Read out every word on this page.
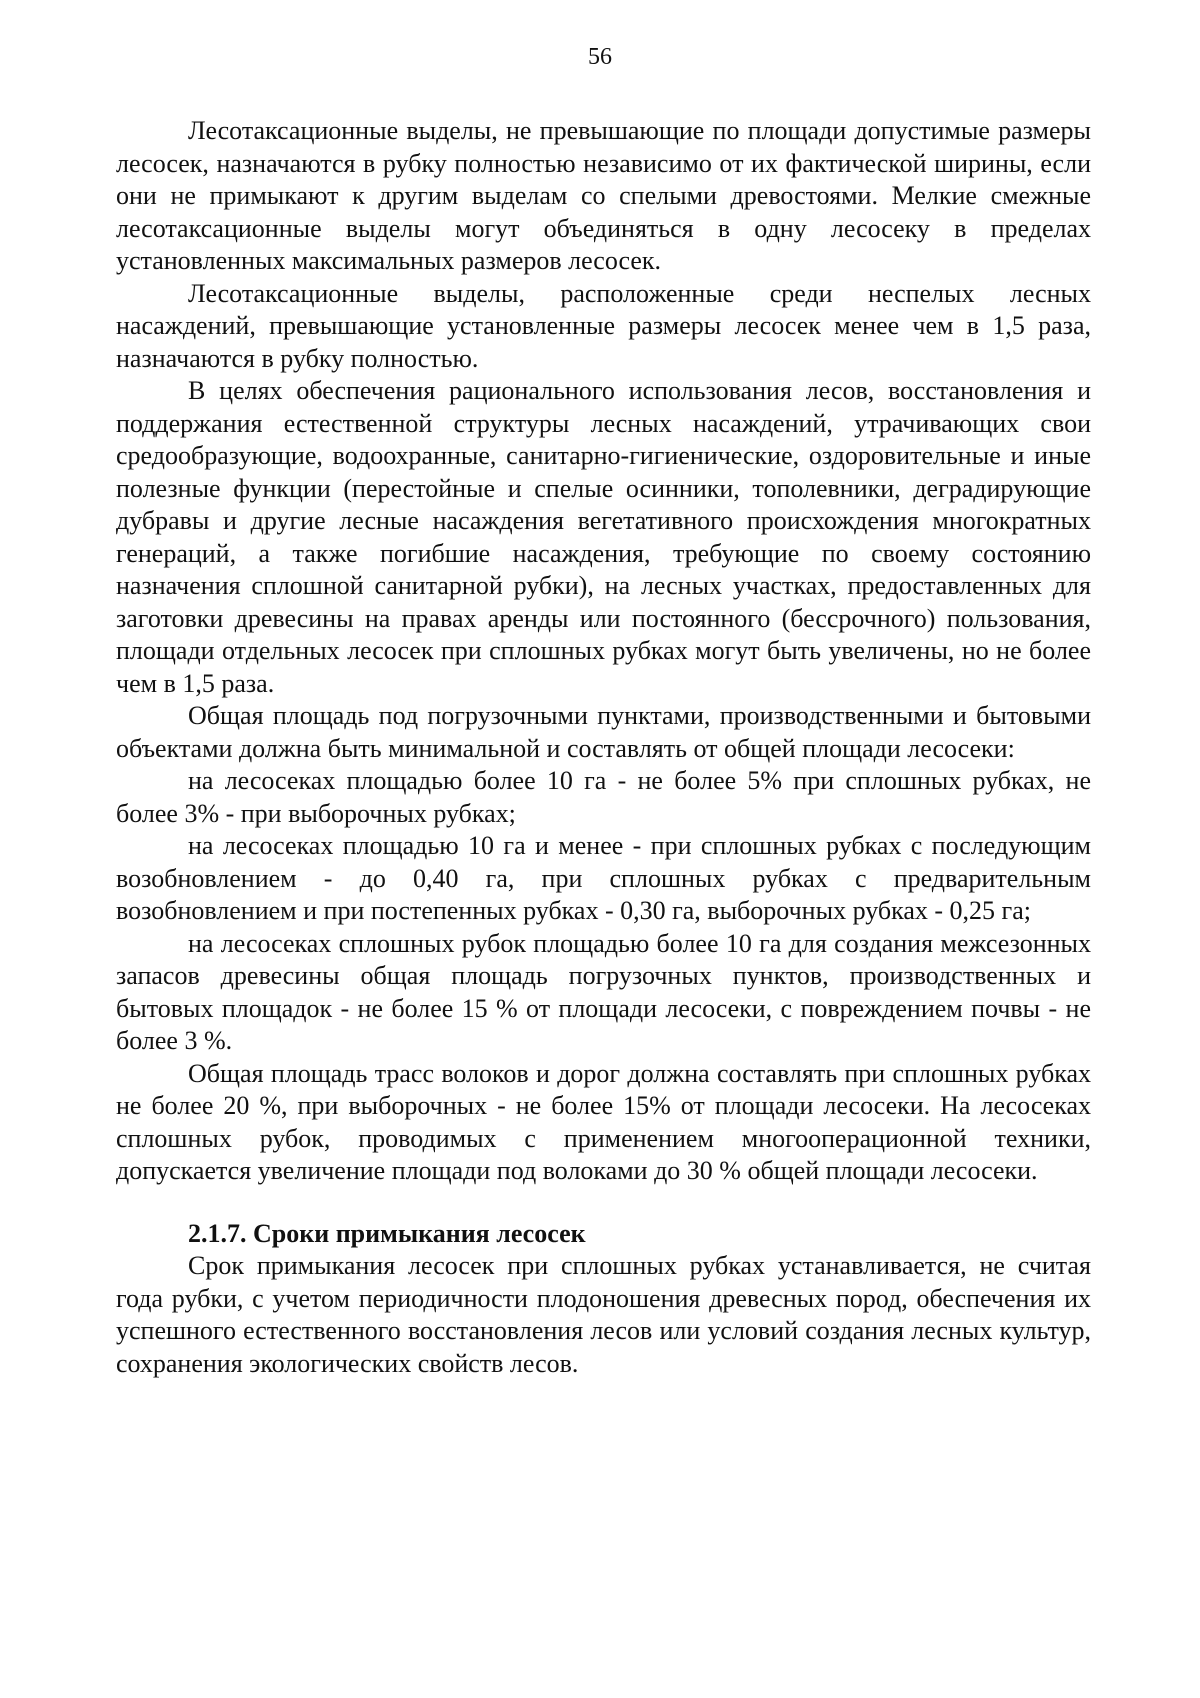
56

Лесотаксационные выделы, не превышающие по площади допустимые размеры лесосек, назначаются в рубку полностью независимо от их фактической ширины, если они не примыкают к другим выделам со спелыми древостоями. Мелкие смежные лесотаксационные выделы могут объединяться в одну лесосеку в пределах установленных максимальных размеров лесосек.

Лесотаксационные выделы, расположенные среди неспелых лесных насаждений, превышающие установленные размеры лесосек менее чем в 1,5 раза, назначаются в рубку полностью.

В целях обеспечения рационального использования лесов, восстановления и поддержания естественной структуры лесных насаждений, утрачивающих свои средообразующие, водоохранные, санитарно-гигиенические, оздоровительные и иные полезные функции (перестойные и спелые осинники, тополевники, деградирующие дубравы и другие лесные насаждения вегетативного происхождения многократных генераций, а также погибшие насаждения, требующие по своему состоянию назначения сплошной санитарной рубки), на лесных участках, предоставленных для заготовки древесины на правах аренды или постоянного (бессрочного) пользования, площади отдельных лесосек при сплошных рубках могут быть увеличены, но не более чем в 1,5 раза.

Общая площадь под погрузочными пунктами, производственными и бытовыми объектами должна быть минимальной и составлять от общей площади лесосеки:

на лесосеках площадью более 10 га - не более 5% при сплошных рубках, не более 3% - при выборочных рубках;

на лесосеках площадью 10 га и менее - при сплошных рубках с последующим возобновлением - до 0,40 га, при сплошных рубках с предварительным возобновлением и при постепенных рубках - 0,30 га, выборочных рубках - 0,25 га;

на лесосеках сплошных рубок площадью более 10 га для создания межсезонных запасов древесины общая площадь погрузочных пунктов, производственных и бытовых площадок - не более 15 % от площади лесосеки, с повреждением почвы - не более 3 %.

Общая площадь трасс волоков и дорог должна составлять при сплошных рубках не более 20 %, при выборочных - не более 15% от площади лесосеки. На лесосеках сплошных рубок, проводимых с применением многооперационной техники, допускается увеличение площади под волоками до 30 % общей площади лесосеки.

2.1.7. Сроки примыкания лесосек

Срок примыкания лесосек при сплошных рубках устанавливается, не считая года рубки, с учетом периодичности плодоношения древесных пород, обеспечения их успешного естественного восстановления лесов или условий создания лесных культур, сохранения экологических свойств лесов.
